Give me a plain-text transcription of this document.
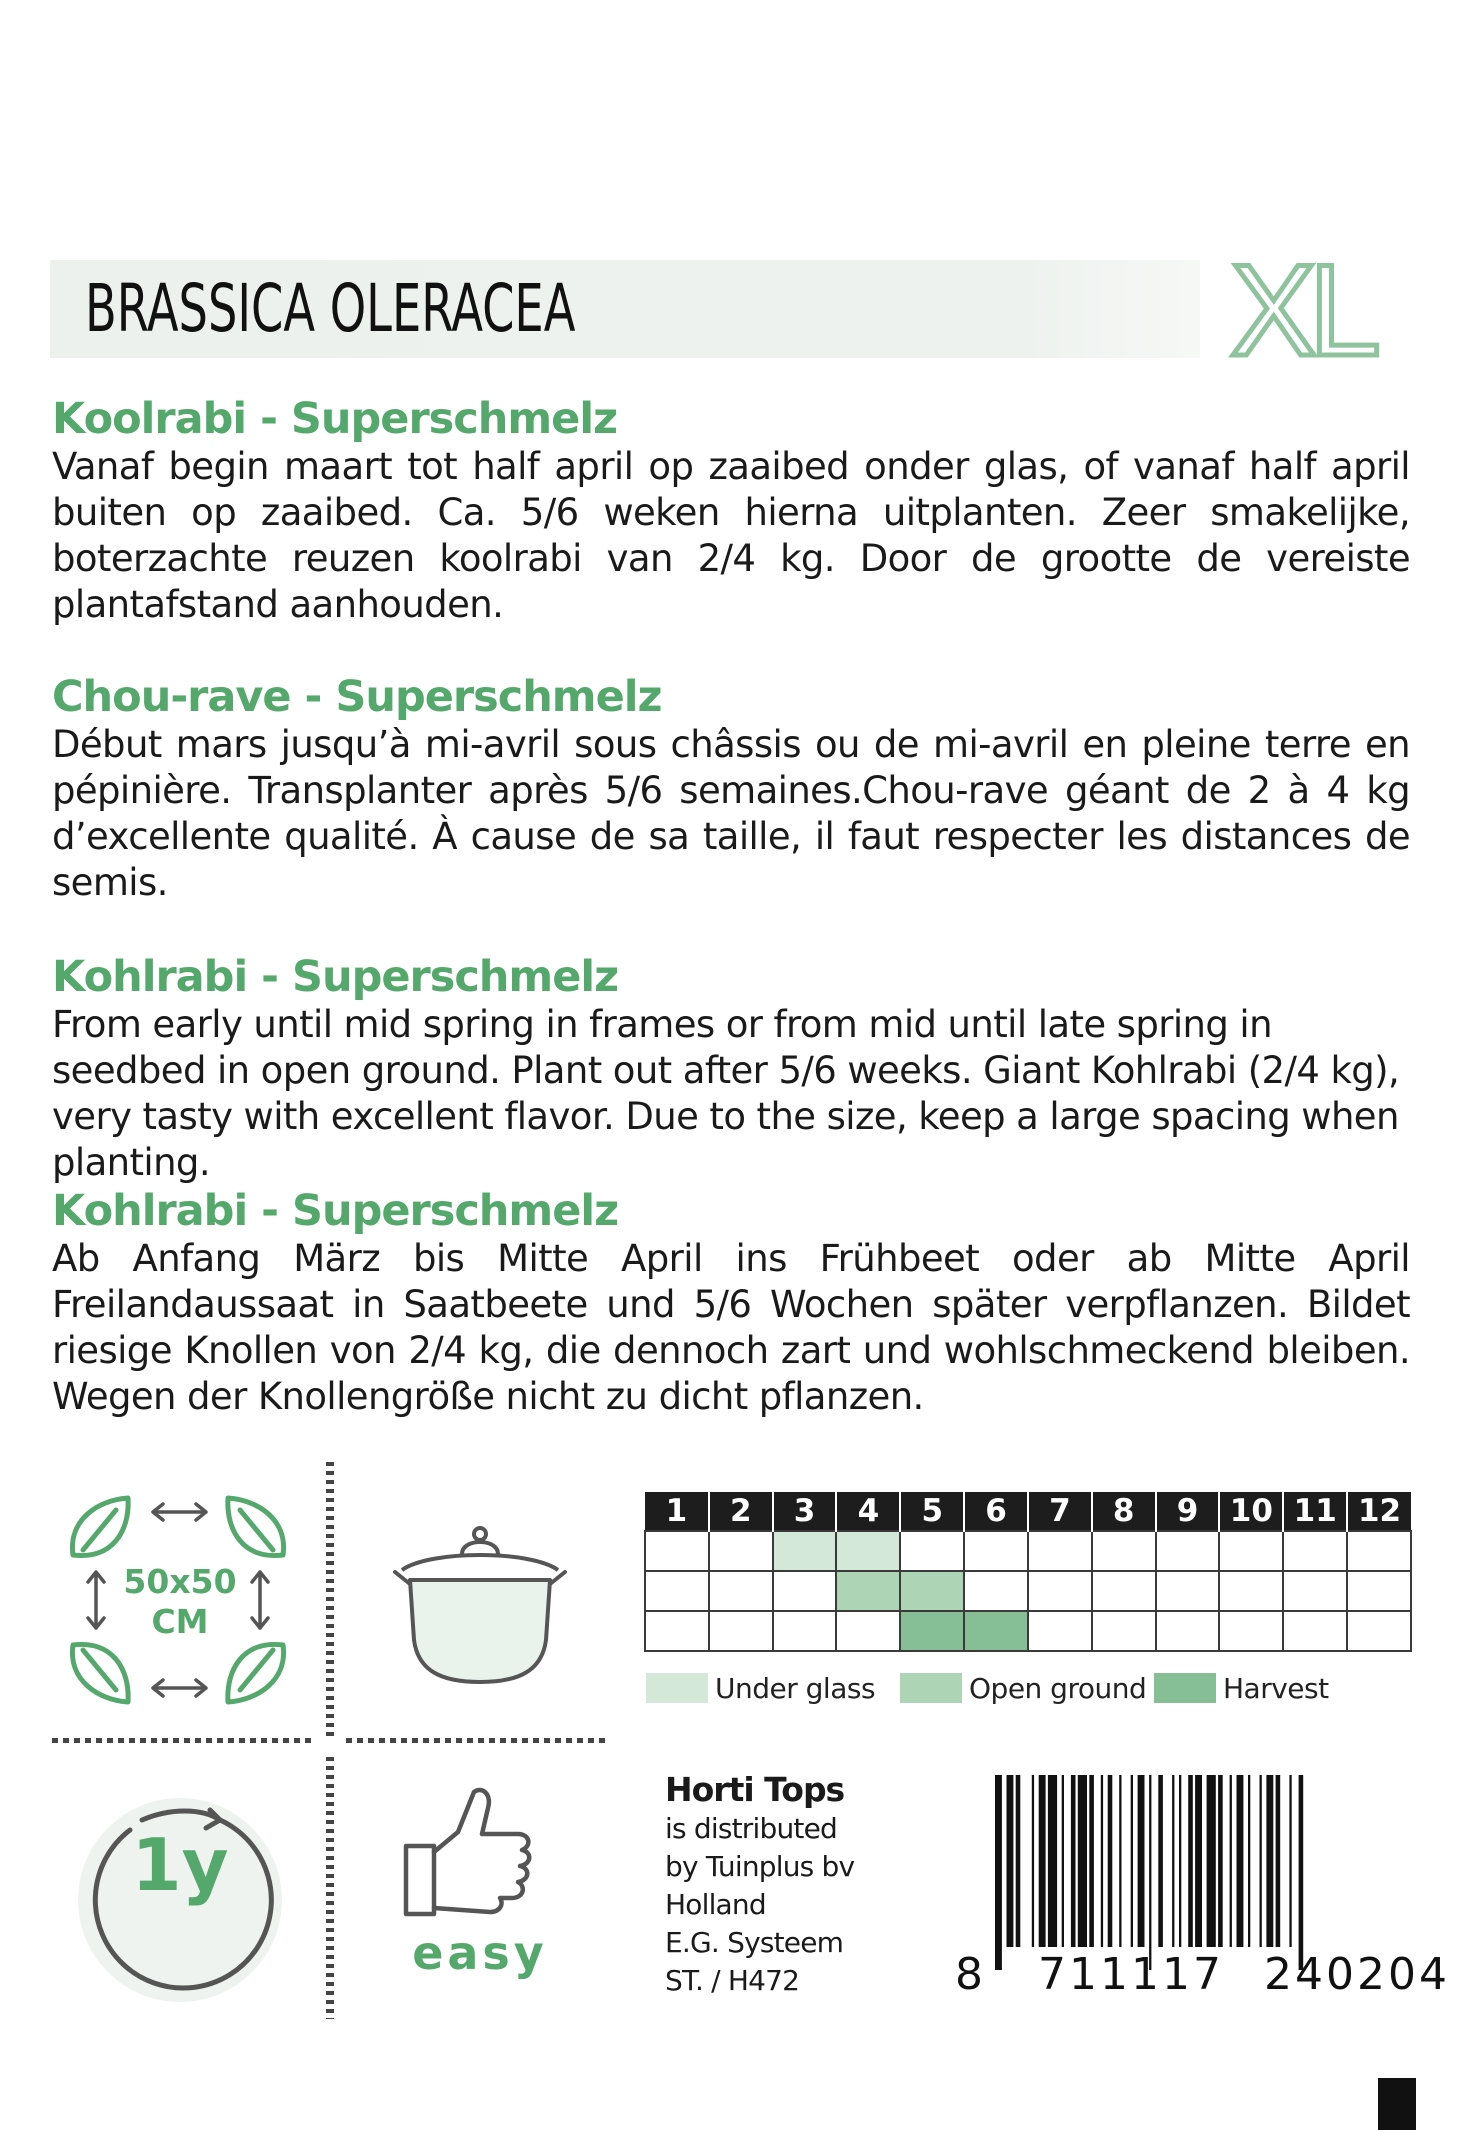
BRASSICA OLERACEA	XL
Koolrabi - Superschmelz

Vanaf begin maart tot half april op zaaibed onder glas, of vanaf half april buiten op zaaibed. Ca. 5/6 weken hierna uitplanten. Zeer smakelijke, boterzachte reuzen koolrabi van 2/4 kg. Door de grootte de vereiste plantafstand aanhouden.

Chou-rave - Superschmelz

Début mars jusqu’à mi-avril sous châssis ou de mi-avril en pleine terre en pépinière. Transplanter après 5/6 semaines.Chou-rave géant de 2 à 4 kg d’excellente qualité. À cause de sa taille, il faut respecter les distances de semis.

Kohlrabi - Superschmelz

From early until mid spring in frames or from mid until late spring in seedbed in open ground. Plant out after 5/6 weeks. Giant Kohlrabi (2/4 kg), very tasty with excellent flavor. Due to the size, keep a large spacing when planting.

Kohlrabi - Superschmelz

Ab Anfang März bis Mitte April ins Frühbeet oder ab Mitte April Freilandaussaat in Saatbeete und 5/6 Wochen später verpflanzen. Bildet riesige Knollen von 2/4 kg, die dennoch zart und wohlschmeckend bleiben. Wegen der Knollengröße nicht zu dicht pflanzen.

50x50
CM
1y
easy
1	2	3	4	5	6	7	8	9	10	11	12

Under glass	Open ground	Harvest
Horti Tops
is distributed
by Tuinplus bv
Holland
E.G. Systeem
ST. / H472	8 711117 240204
